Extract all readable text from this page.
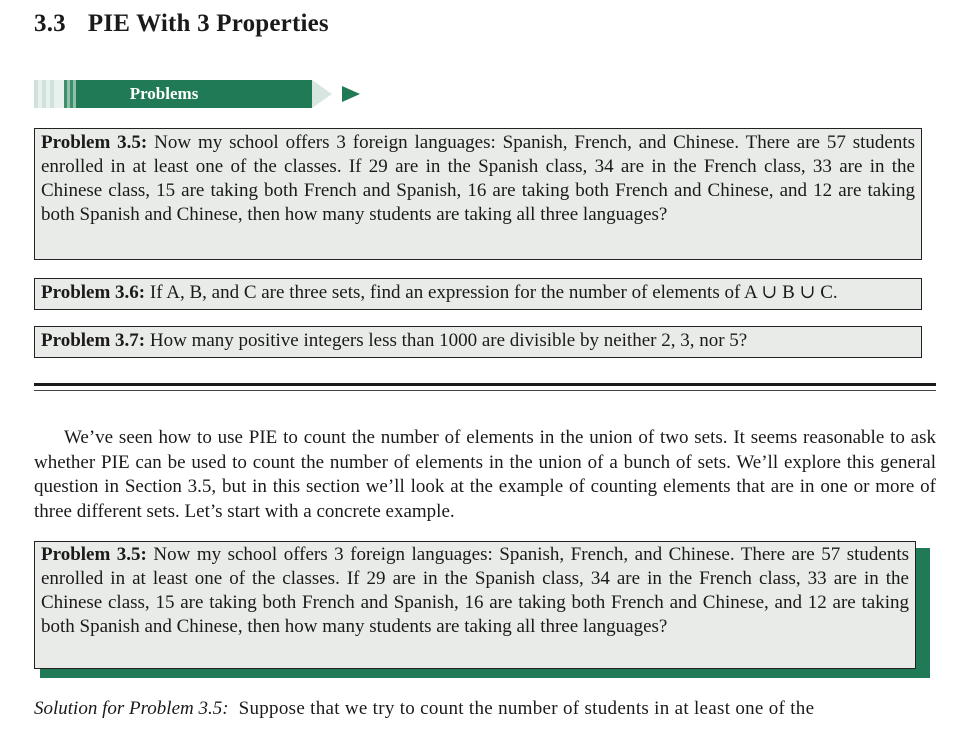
3.3 PIE With 3 Properties
Problems
Problem 3.5: Now my school offers 3 foreign languages: Spanish, French, and Chinese. There are 57 students enrolled in at least one of the classes. If 29 are in the Spanish class, 34 are in the French class, 33 are in the Chinese class, 15 are taking both French and Spanish, 16 are taking both French and Chinese, and 12 are taking both Spanish and Chinese, then how many students are taking all three languages?
Problem 3.6: If A, B, and C are three sets, find an expression for the number of elements of A ∪ B ∪ C.
Problem 3.7: How many positive integers less than 1000 are divisible by neither 2, 3, nor 5?
We’ve seen how to use PIE to count the number of elements in the union of two sets. It seems reasonable to ask whether PIE can be used to count the number of elements in the union of a bunch of sets. We’ll explore this general question in Section 3.5, but in this section we’ll look at the example of counting elements that are in one or more of three different sets. Let’s start with a concrete example.
Problem 3.5: Now my school offers 3 foreign languages: Spanish, French, and Chinese. There are 57 students enrolled in at least one of the classes. If 29 are in the Spanish class, 34 are in the French class, 33 are in the Chinese class, 15 are taking both French and Spanish, 16 are taking both French and Chinese, and 12 are taking both Spanish and Chinese, then how many students are taking all three languages?
Solution for Problem 3.5: Suppose that we try to count the number of students in at least one of the
